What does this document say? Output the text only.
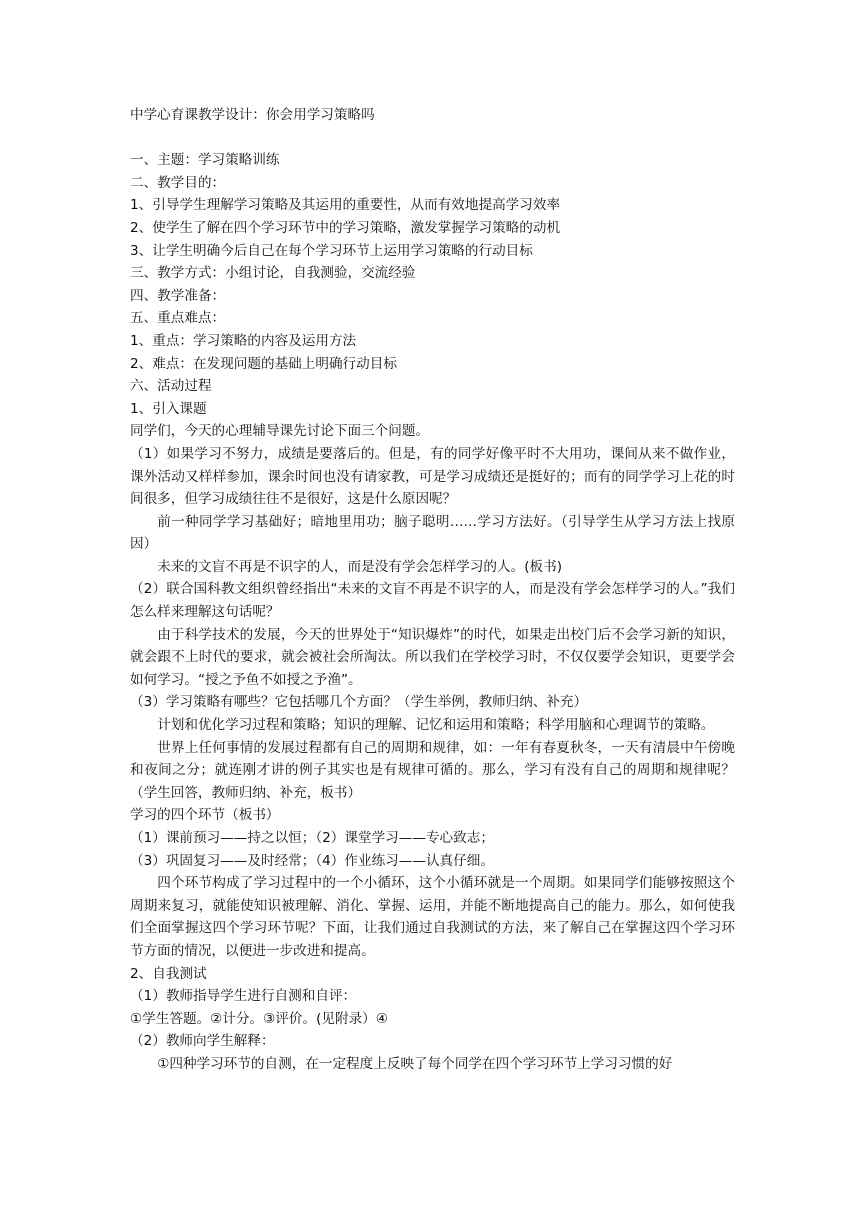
中学心育课教学设计：你会用学习策略吗
一、主题：学习策略训练
二、教学目的：
1、引导学生理解学习策略及其运用的重要性，从而有效地提高学习效率
2、使学生了解在四个学习环节中的学习策略，激发掌握学习策略的动机
3、让学生明确今后自己在每个学习环节上运用学习策略的行动目标
三、教学方式：小组讨论，自我测验，交流经验
四、教学准备：
五、重点难点：
1、重点：学习策略的内容及运用方法
2、难点：在发现问题的基础上明确行动目标
六、活动过程
1、引入课题
同学们，今天的心理辅导课先讨论下面三个问题。
（1）如果学习不努力，成绩是要落后的。但是，有的同学好像平时不大用功，课间从来不做作业，课外活动又样样参加，课余时间也没有请家教，可是学习成绩还是挺好的；而有的同学学习上花的时间很多，但学习成绩往往不是很好，这是什么原因呢？
前一种同学学习基础好；暗地里用功；脑子聪明……学习方法好。（引导学生从学习方法上找原因）
未来的文盲不再是不识字的人，而是没有学会怎样学习的人。(板书)
（2）联合国科教文组织曾经指出“未来的文盲不再是不识字的人，而是没有学会怎样学习的人。”我们怎么样来理解这句话呢？
由于科学技术的发展，今天的世界处于“知识爆炸”的时代，如果走出校门后不会学习新的知识，就会跟不上时代的要求，就会被社会所淘汰。所以我们在学校学习时，不仅仅要学会知识，更要学会如何学习。“授之予鱼不如授之予渔”。
（3）学习策略有哪些？它包括哪几个方面？（学生举例，教师归纳、补充）
计划和优化学习过程和策略；知识的理解、记忆和运用和策略；科学用脑和心理调节的策略。
世界上任何事情的发展过程都有自己的周期和规律，如：一年有春夏秋冬，一天有清晨中午傍晚和夜间之分；就连刚才讲的例子其实也是有规律可循的。那么，学习有没有自己的周期和规律呢？（学生回答，教师归纳、补充，板书）
学习的四个环节（板书）
（1）课前预习——持之以恒；（2）课堂学习——专心致志；
（3）巩固复习——及时经常；（4）作业练习——认真仔细。
四个环节构成了学习过程中的一个小循环，这个小循环就是一个周期。如果同学们能够按照这个周期来复习，就能使知识被理解、消化、掌握、运用，并能不断地提高自己的能力。那么，如何使我们全面掌握这四个学习环节呢？下面，让我们通过自我测试的方法，来了解自己在掌握这四个学习环节方面的情况，以便进一步改进和提高。
2、自我测试
（1）教师指导学生进行自测和自评：
①学生答题。②计分。③评价。(见附录）④
（2）教师向学生解释：
①四种学习环节的自测，在一定程度上反映了每个同学在四个学习环节上学习习惯的好
